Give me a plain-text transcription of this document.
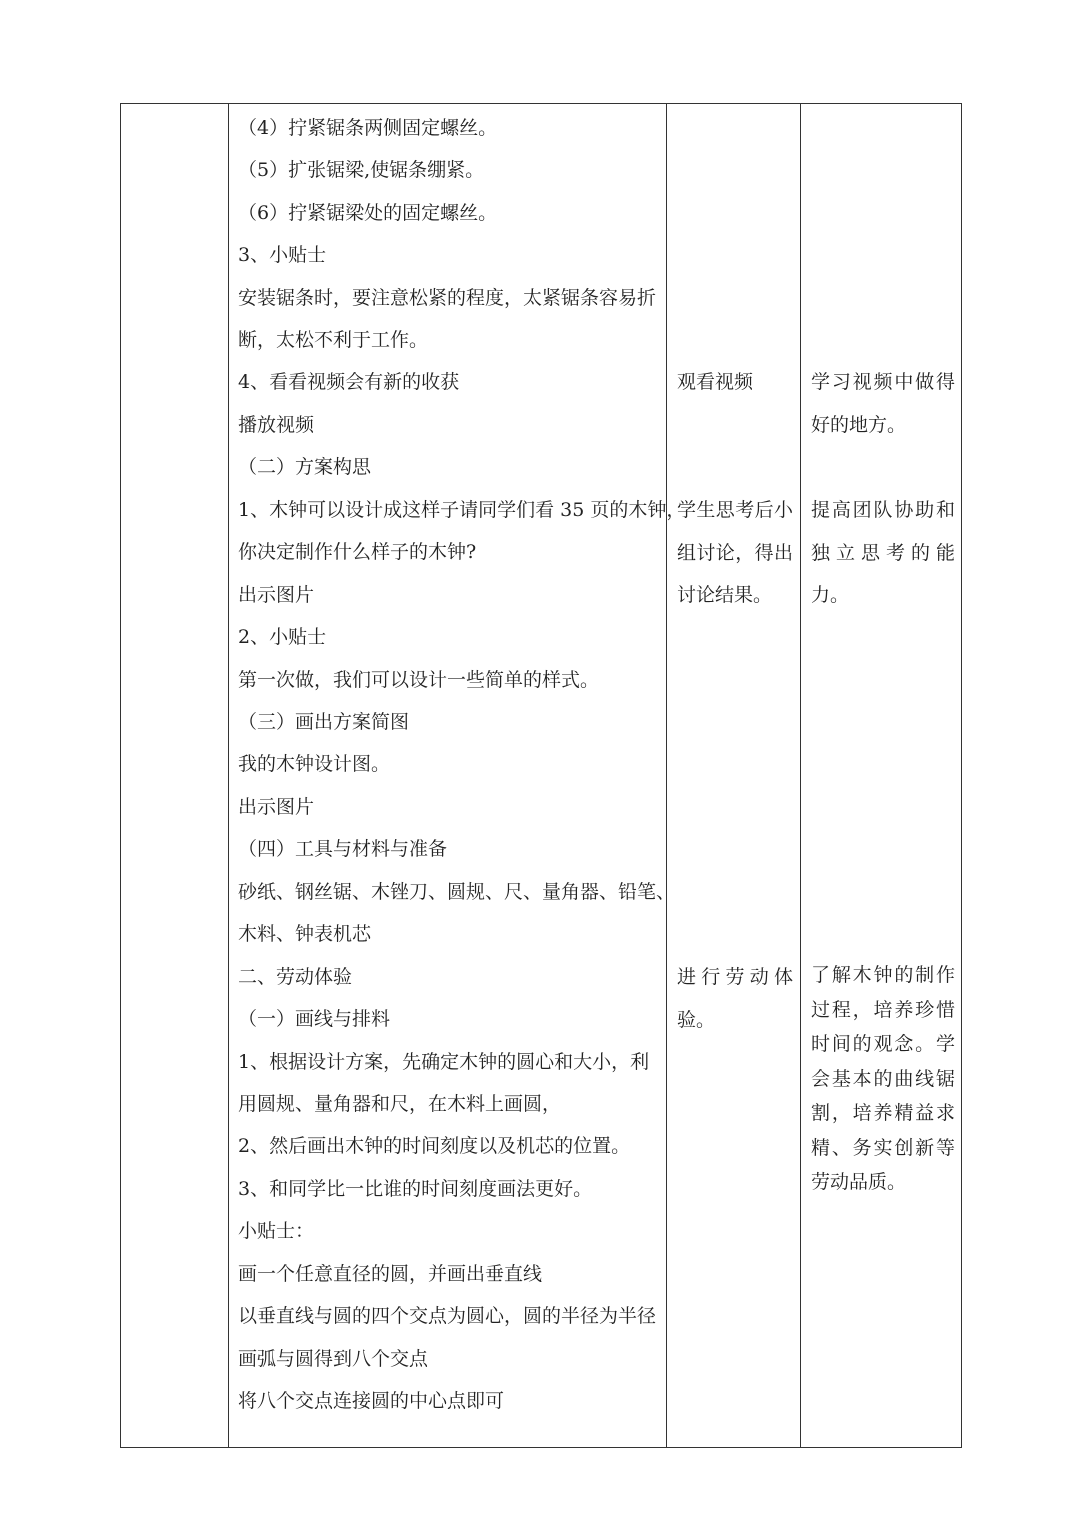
（4）拧紧锯条两侧固定螺丝。
（5）扩张锯梁,使锯条绷紧。
（6）拧紧锯梁处的固定螺丝。
3、小贴士
安装锯条时，要注意松紧的程度，太紧锯条容易折
断，太松不利于工作。
4、看看视频会有新的收获
播放视频
（二）方案构思
1、木钟可以设计成这样子请同学们看 35 页的木钟，
你决定制作什么样子的木钟?
出示图片
2、小贴士
第一次做，我们可以设计一些简单的样式。
（三）画出方案简图
我的木钟设计图。
出示图片
（四）工具与材料与准备
砂纸、钢丝锯、木锉刀、圆规、尺、量角器、铅笔、
木料、钟表机芯
二、劳动体验
（一）画线与排料
1、根据设计方案，先确定木钟的圆心和大小，利
用圆规、量角器和尺，在木料上画圆，
2、然后画出木钟的时间刻度以及机芯的位置。
3、和同学比一比谁的时间刻度画法更好。
小贴士：
画一个任意直径的圆，并画出垂直线
以垂直线与圆的四个交点为圆心，圆的半径为半径
画弧与圆得到八个交点
将八个交点连接圆的中心点即可
观看视频
学生思考后小
组讨论，得出
讨论结果。
进行劳动体
验。
学习视频中做得
好的地方。
提高团队协助和
独立思考的能
力。
了解木钟的制作
过程，培养珍惜
时间的观念。学
会基本的曲线锯
割，培养精益求
精、务实创新等
劳动品质。
